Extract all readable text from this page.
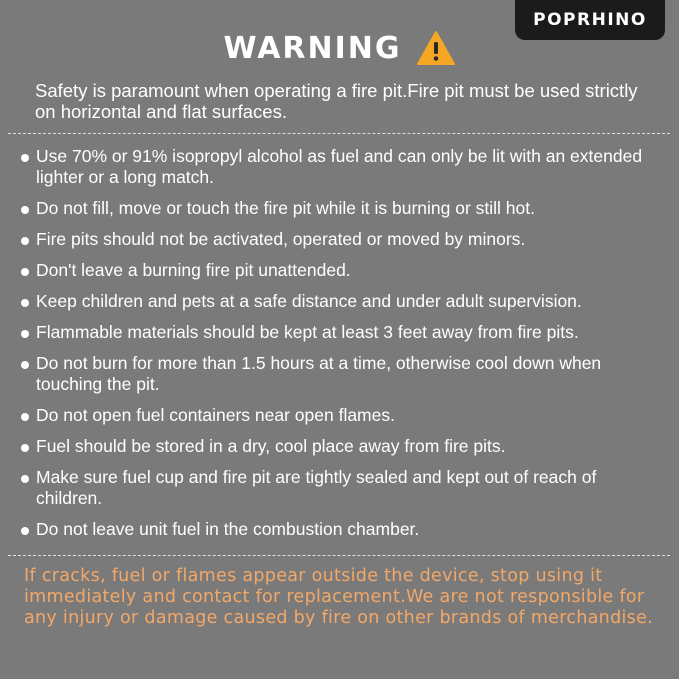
POPRHINO
WARNING

Safety is paramount when operating a fire pit.Fire pit must be used strictly on horizontal and flat surfaces.

Use 70% or 91% isopropyl alcohol as fuel and can only be lit with an extended lighter or a long match.
Do not fill, move or touch the fire pit while it is burning or still hot.
Fire pits should not be activated, operated or moved by minors.
Don't leave a burning fire pit unattended.
Keep children and pets at a safe distance and under adult supervision.
Flammable materials should be kept at least 3 feet away from fire pits.
Do not burn for more than 1.5 hours at a time, otherwise cool down when touching the pit.
Do not open fuel containers near open flames.
Fuel should be stored in a dry, cool place away from fire pits.
Make sure fuel cup and fire pit are tightly sealed and kept out of reach of children.
Do not leave unit fuel in the combustion chamber.

If cracks, fuel or flames appear outside the device, stop using it immediately and contact for replacement.We are not responsible for any injury or damage caused by fire on other brands of merchandise.
